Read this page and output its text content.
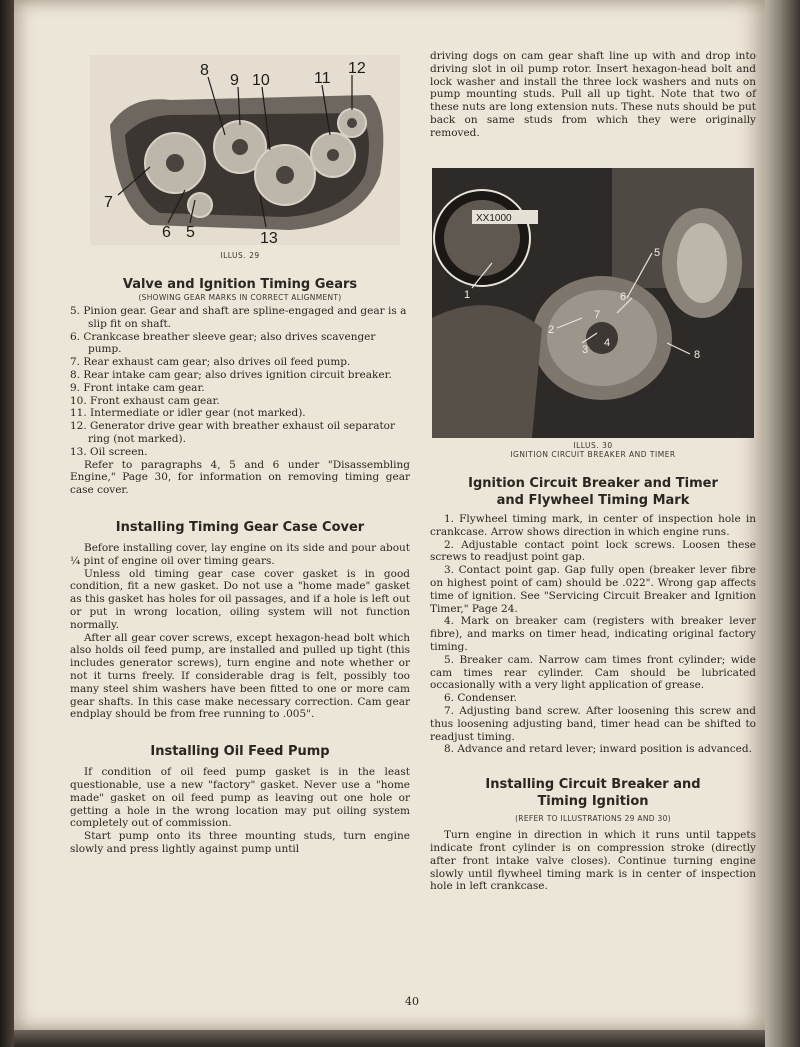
8
9 10	11
12
7
6 5	13
XX1000
1
2
3
4
5
6
7
8
ILLUS. 29
Valve and Ignition Timing Gears
(SHOWING GEAR MARKS IN CORRECT ALIGNMENT)
5. Pinion gear. Gear and shaft are spline-engaged and gear is a slip fit on shaft.
6. Crankcase breather sleeve gear; also drives scavenger pump.
7. Rear exhaust cam gear; also drives oil feed pump.
8. Rear intake cam gear; also drives ignition circuit breaker.
9. Front intake cam gear.
10. Front exhaust cam gear.
11. Intermediate or idler gear (not marked).
12. Generator drive gear with breather exhaust oil separator ring (not marked).
13. Oil screen.

Refer to paragraphs 4, 5 and 6 under "Disassembling Engine," Page 30, for information on removing timing gear case cover.

Installing Timing Gear Case Cover

Before installing cover, lay engine on its side and pour about ¼ pint of engine oil over timing gears.

Unless old timing gear case cover gasket is in good condition, fit a new gasket. Do not use a "home made" gasket as this gasket has holes for oil passages, and if a hole is left out or put in wrong location, oiling system will not function normally.

After all gear cover screws, except hexagon-head bolt which also holds oil feed pump, are installed and pulled up tight (this includes generator screws), turn engine and note whether or not it turns freely. If considerable drag is felt, possibly too many steel shim washers have been fitted to one or more cam gear shafts. In this case make necessary correction. Cam gear endplay should be from free running to .005".

Installing Oil Feed Pump

If condition of oil feed pump gasket is in the least questionable, use a new "factory" gasket. Never use a "home made" gasket on oil feed pump as leaving out one hole or getting a hole in the wrong location may put oiling system completely out of commission.

Start pump onto its three mounting studs, turn engine slowly and press lightly against pump until

driving dogs on cam gear shaft line up with and drop into driving slot in oil pump rotor. Insert hexagon-head bolt and lock washer and install the three lock washers and nuts on pump mounting studs. Pull all up tight. Note that two of these nuts are long extension nuts. These nuts should be put back on same studs from which they were originally removed.

ILLUS. 30
IGNITION CIRCUIT BREAKER AND TIMER
Ignition Circuit Breaker and Timer
and Flywheel Timing Mark

1. Flywheel timing mark, in center of inspection hole in crankcase. Arrow shows direction in which engine runs.

2. Adjustable contact point lock screws. Loosen these screws to readjust point gap.

3. Contact point gap. Gap fully open (breaker lever fibre on highest point of cam) should be .022". Wrong gap affects time of ignition. See "Servicing Circuit Breaker and Ignition Timer," Page 24.

4. Mark on breaker cam (registers with breaker lever fibre), and marks on timer head, indicating original factory timing.

5. Breaker cam. Narrow cam times front cylinder; wide cam times rear cylinder. Cam should be lubricated occasionally with a very light application of grease.

6. Condenser.

7. Adjusting band screw. After loosening this screw and thus loosening adjusting band, timer head can be shifted to readjust timing.

8. Advance and retard lever; inward position is advanced.

Installing Circuit Breaker and
Timing Ignition
(REFER TO ILLUSTRATIONS 29 AND 30)

Turn engine in direction in which it runs until tappets indicate front cylinder is on compression stroke (directly after front intake valve closes). Continue turning engine slowly until flywheel timing mark is in center of inspection hole in left crankcase.

40
